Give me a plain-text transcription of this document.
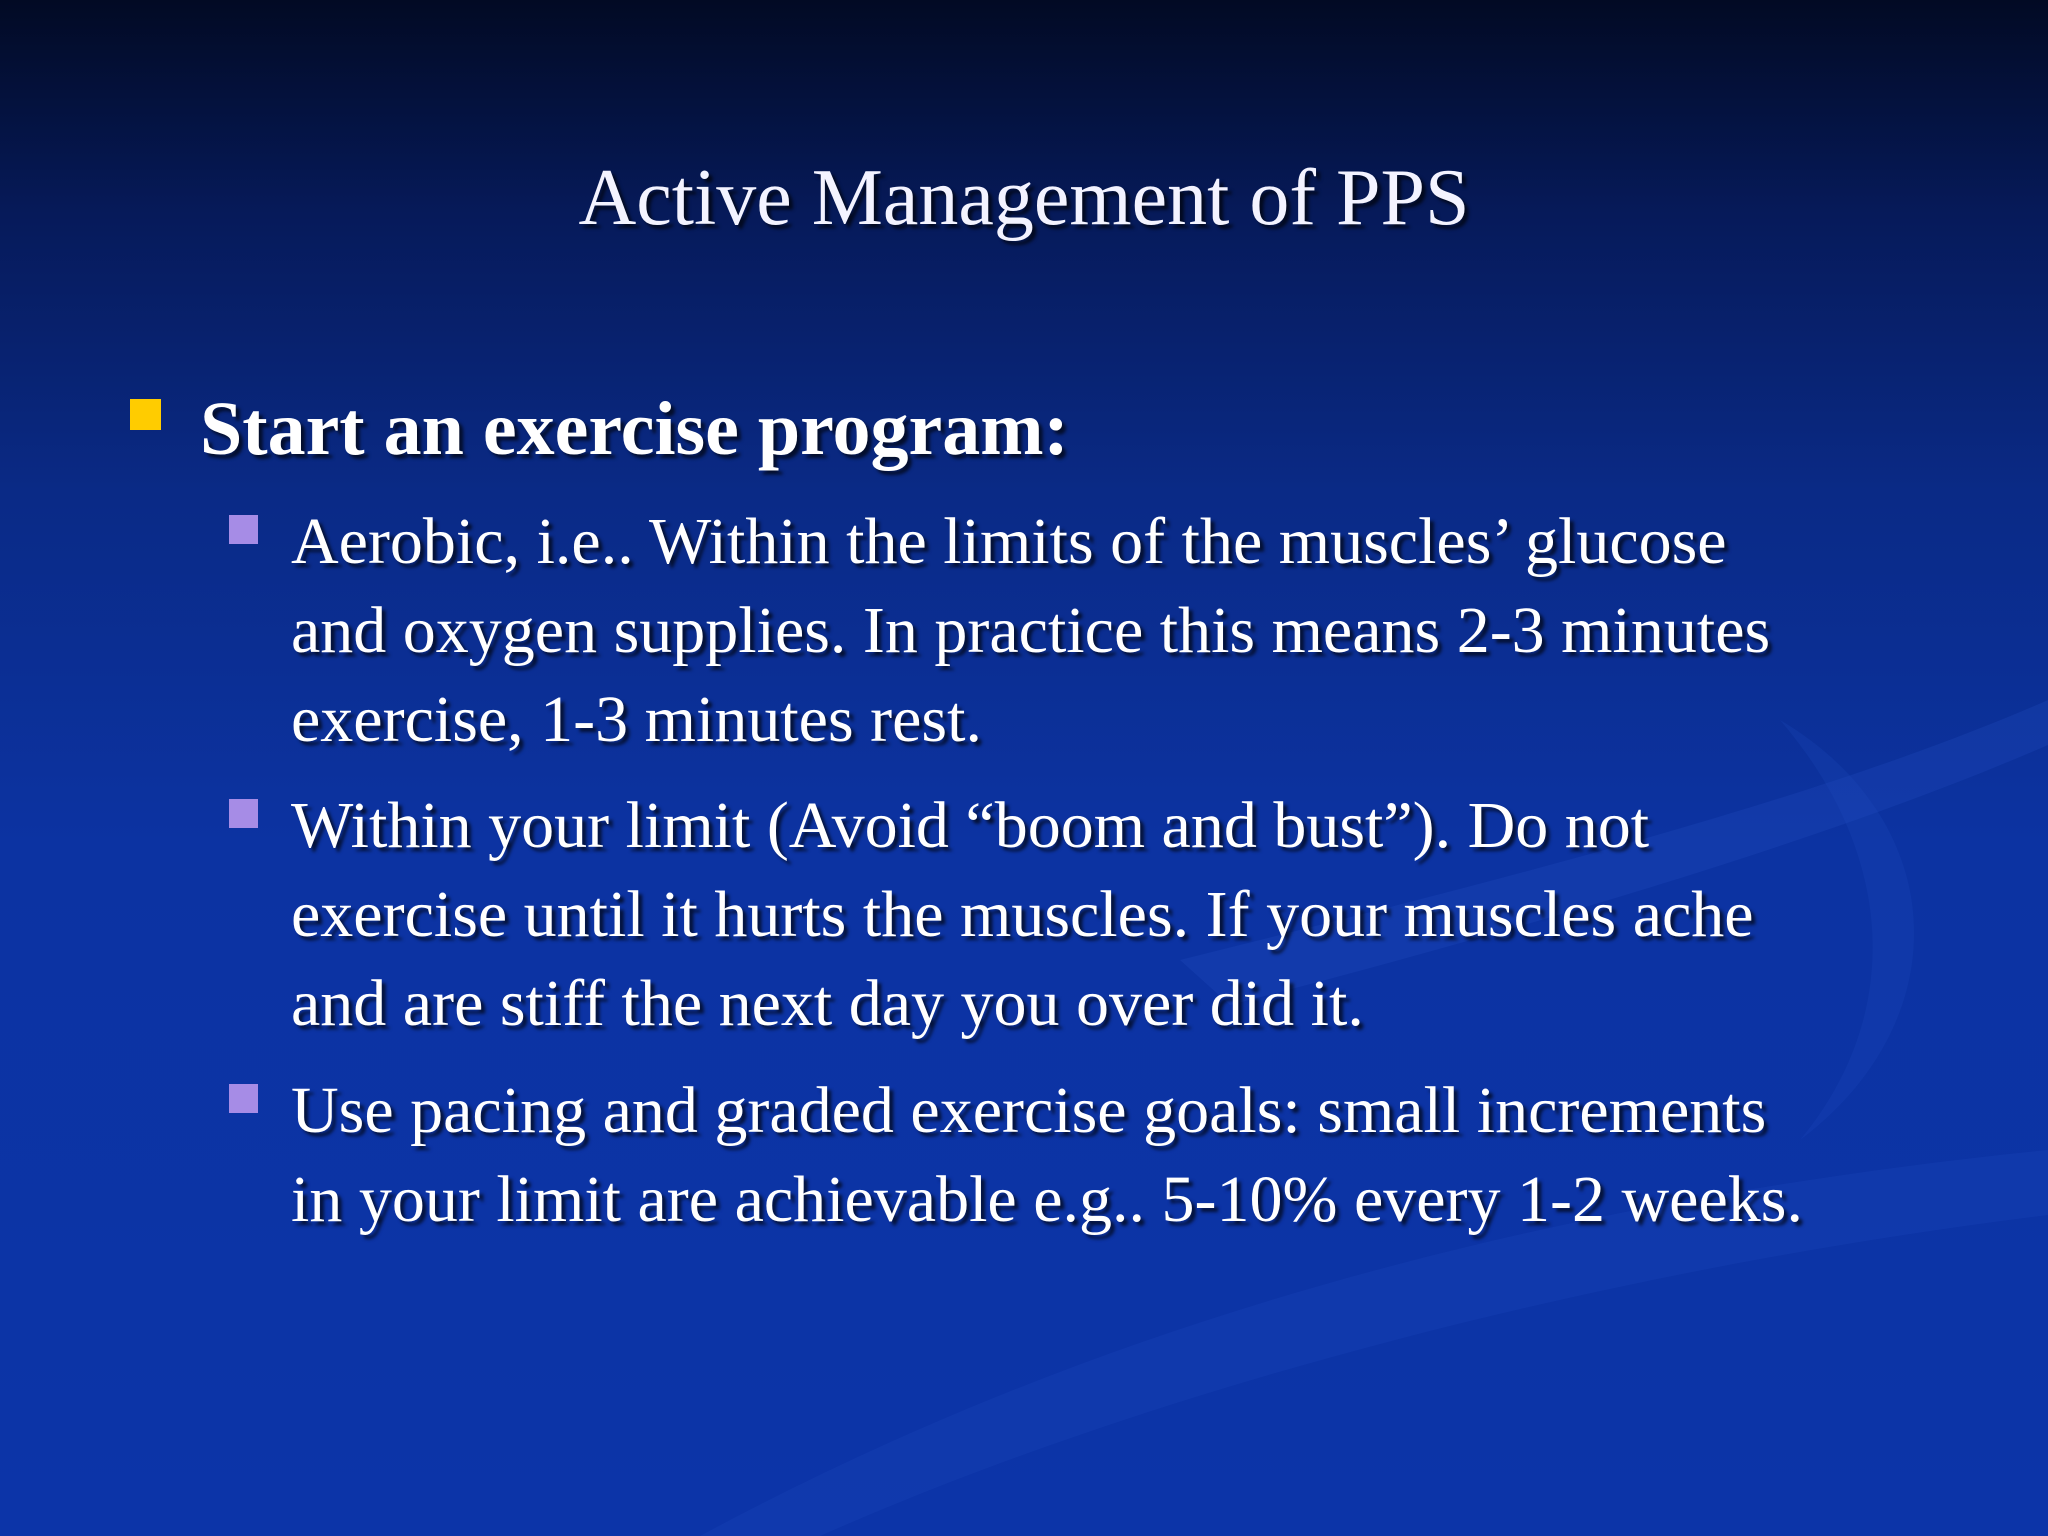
Active Management of PPS
Start an exercise program:
Aerobic, i.e.. Within the limits of the muscles’ glucose
and oxygen supplies. In practice this means 2-3 minutes
exercise, 1-3 minutes rest.
Within your limit (Avoid “boom and bust”). Do not
exercise until it hurts the muscles. If your muscles ache
and are stiff the next day you over did it.
Use pacing and graded exercise goals: small increments
in your limit are achievable e.g.. 5-10% every 1-2 weeks.
